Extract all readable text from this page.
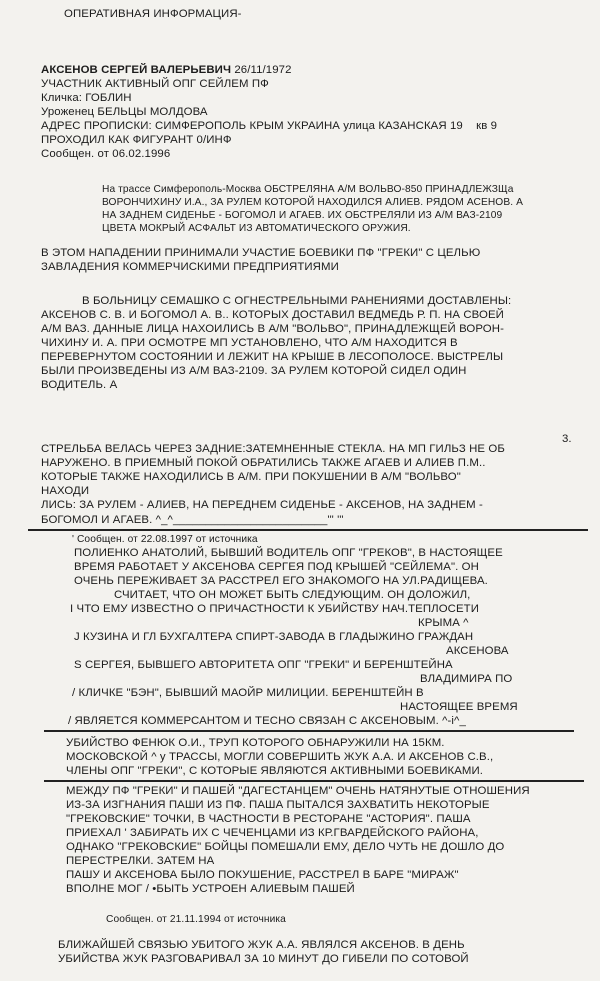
ОПЕРАТИВНАЯ ИНФОРМАЦИЯ-
АКСЕНОВ СЕРГЕЙ ВАЛЕРЬЕВИЧ 26/11/1972
УЧАСТНИК АКТИВНЫЙ ОПГ СЕЙЛЕМ ПФ
Кличка: ГОБЛИН
Уроженец БЕЛЬЦЫ МОЛДОВА
АДРЕС ПРОПИСКИ: СИМФЕРОПОЛЬ КРЫМ УКРАИНА улица КАЗАНСКАЯ 19 кв 9
ПРОХОДИЛ КАК ФИГУРАНТ 0/ИНФ
Сообщен. от 06.02.1996
На трассе Симферополь-Москва ОБСТРЕЛЯНА А/М ВОЛЬВО-850 ПРИНАДЛЕЖЗЩа
ВОРОНЧИХИНУ И.А., ЗА РУЛЕМ КОТОРОЙ НАХОДИЛСЯ АЛИЕВ. РЯДОМ АСЕНОВ. А
НА ЗАДНЕМ СИДЕНЬЕ - БОГОМОЛ И АГАЕВ. ИХ ОБСТРЕЛЯЛИ ИЗ А/М ВАЗ-2109
ЦВЕТА МОКРЫЙ АСФАЛЬТ ИЗ АВТОМАТИЧЕСКОГО ОРУЖИЯ.
В ЭТОМ НАПАДЕНИИ ПРИНИМАЛИ УЧАСТИЕ БОЕВИКИ ПФ "ГРЕКИ" С ЦЕЛЬЮ
ЗАВЛАДЕНИЯ КОММЕРЧИСКИМИ ПРЕДПРИЯТИЯМИ
В БОЛЬНИЦУ СЕМАШКО С ОГНЕСТРЕЛЬНЫМИ РАНЕНИЯМИ ДОСТАВЛЕНЫ:
АКСЕНОВ С. В. И БОГОМОЛ А. В.. КОТОРЫХ ДОСТАВИЛ ВЕДМЕДЬ Р. П. НА СВОЕЙ
А/М ВАЗ. ДАННЫЕ ЛИЦА НАХОИЛИСЬ В А/М "ВОЛЬВО", ПРИНАДЛЕЖЩЕЙ ВОРОН-
ЧИХИНУ И. А. ПРИ ОСМОТРЕ МП УСТАНОВЛЕНО, ЧТО А/М НАХОДИТСЯ В
ПЕРЕВЕРНУТОМ СОСТОЯНИИ И ЛЕЖИТ НА КРЫШЕ В ЛЕСОПОЛОСЕ. ВЫСТРЕЛЫ
БЫЛИ ПРОИЗВЕДЕНЫ ИЗ А/М ВАЗ-2109. ЗА РУЛЕМ КОТОРОЙ СИДЕЛ ОДИН
ВОДИТЕЛЬ. А
3.
СТРЕЛЬБА ВЕЛАСЬ ЧЕРЕЗ ЗАДНИЕ:ЗАТЕМНЕННЫЕ СТЕКЛА. НА МП ГИЛЬЗ НЕ ОБ
НАРУЖЕНО. В ПРИЕМНЫЙ ПОКОЙ ОБРАТИЛИСЬ ТАКЖЕ АГАЕВ И АЛИЕВ П.М..
КОТОРЫЕ ТАКЖЕ НАХОДИЛИСЬ В А/М. ПРИ ПОКУШЕНИИ В А/М "ВОЛЬВО"
НАХОДИ
ЛИСЬ: ЗА РУЛЕМ - АЛИЕВ, НА ПЕРЕДНЕМ СИДЕНЬЕ - АКСЕНОВ, НА ЗАДНЕМ -
БОГОМОЛ И АГАЕВ. ^_^________________________'" '"
' Сообщен. от 22.08.1997 от источника
ПОЛИЕНКО АНАТОЛИЙ, БЫВШИЙ ВОДИТЕЛЬ ОПГ "ГРЕКОВ", В НАСТОЯЩЕЕ
ВРЕМЯ РАБОТАЕТ У АКСЕНОВА СЕРГЕЯ ПОД КРЫШЕЙ "СЕЙЛЕМА". ОН
ОЧЕНЬ ПЕРЕЖИВАЕТ ЗА РАССТРЕЛ ЕГО ЗНАКОМОГО НА УЛ.РАДИЩЕВА.
СЧИТАЕТ, ЧТО ОН МОЖЕТ БЫТЬ СЛЕДУЮЩИМ. ОН ДОЛОЖИЛ,
I ЧТО ЕМУ ИЗВЕСТНО О ПРИЧАСТНОСТИ К УБИЙСТВУ НАЧ.ТЕПЛОСЕТИ
КРЫМА ^
J КУЗИНА И ГЛ БУХГАЛТЕРА СПИРТ-ЗАВОДА В ГЛАДЫЖИНО ГРАЖДАН
АКСЕНОВА
S СЕРГЕЯ, БЫВШЕГО АВТОРИТЕТА ОПГ "ГРЕКИ" И БЕРЕНШТЕЙНА
ВЛАДИМИРА ПО
/ КЛИЧКЕ "БЭН", БЫВШИЙ МАОЙР МИЛИЦИИ. БЕРЕНШТЕЙН В
НАСТОЯЩЕЕ ВРЕМЯ
/ ЯВЛЯЕТСЯ КОММЕРСАНТОМ И ТЕСНО СВЯЗАН С АКСЕНОВЫМ. ^-i^_
УБИЙСТВО ФЕНЮК О.И., ТРУП КОТОРОГО ОБНАРУЖИЛИ НА 15КМ.
МОСКОВСКОЙ ^ у ТРАССЫ, МОГЛИ СОВЕРШИТЬ ЖУК А.А. И АКСЕНОВ С.В.,
ЧЛЕНЫ ОПГ "ГРЕКИ", С КОТОРЫЕ ЯВЛЯЮТСЯ АКТИВНЫМИ БОЕВИКАМИ.
МЕЖДУ ПФ "ГРЕКИ" И ПАШЕЙ "ДАГЕСТАНЦЕМ" ОЧЕНЬ НАТЯНУТЫЕ ОТНОШЕНИЯ
ИЗ-ЗА ИЗГНАНИЯ ПАШИ ИЗ ПФ. ПАША ПЫТАЛСЯ ЗАХВАТИТЬ НЕКОТОРЫЕ
"ГРЕКОВСКИЕ" ТОЧКИ, В ЧАСТНОСТИ В РЕСТОРАНЕ "АСТОРИЯ". ПАША
ПРИЕХАЛ ' ЗАБИРАТЬ ИХ С ЧЕЧЕНЦАМИ ИЗ КР.ГВАРДЕЙСКОГО РАЙОНА,
ОДНАКО "ГРЕКОВСКИЕ" БОЙЦЫ ПОМЕШАЛИ ЕМУ, ДЕЛО ЧУТЬ НЕ ДОШЛО ДО
ПЕРЕСТРЕЛКИ. ЗАТЕМ НА
ПАШУ И АКСЕНОВА БЫЛО ПОКУШЕНИЕ, РАССТРЕЛ В БАРЕ "МИРАЖ"
ВПОЛНЕ МОГ / •БЫТЬ УСТРОЕН АЛИЕВЫМ ПАШЕЙ
Сообщен. от 21.11.1994 от источника
БЛИЖАЙШЕЙ СВЯЗЬЮ УБИТОГО ЖУК А.А. ЯВЛЯЛСЯ АКСЕНОВ. В ДЕНЬ
УБИЙСТВА ЖУК РАЗГОВАРИВАЛ ЗА 10 МИНУТ ДО ГИБЕЛИ ПО СОТОВОЙ
